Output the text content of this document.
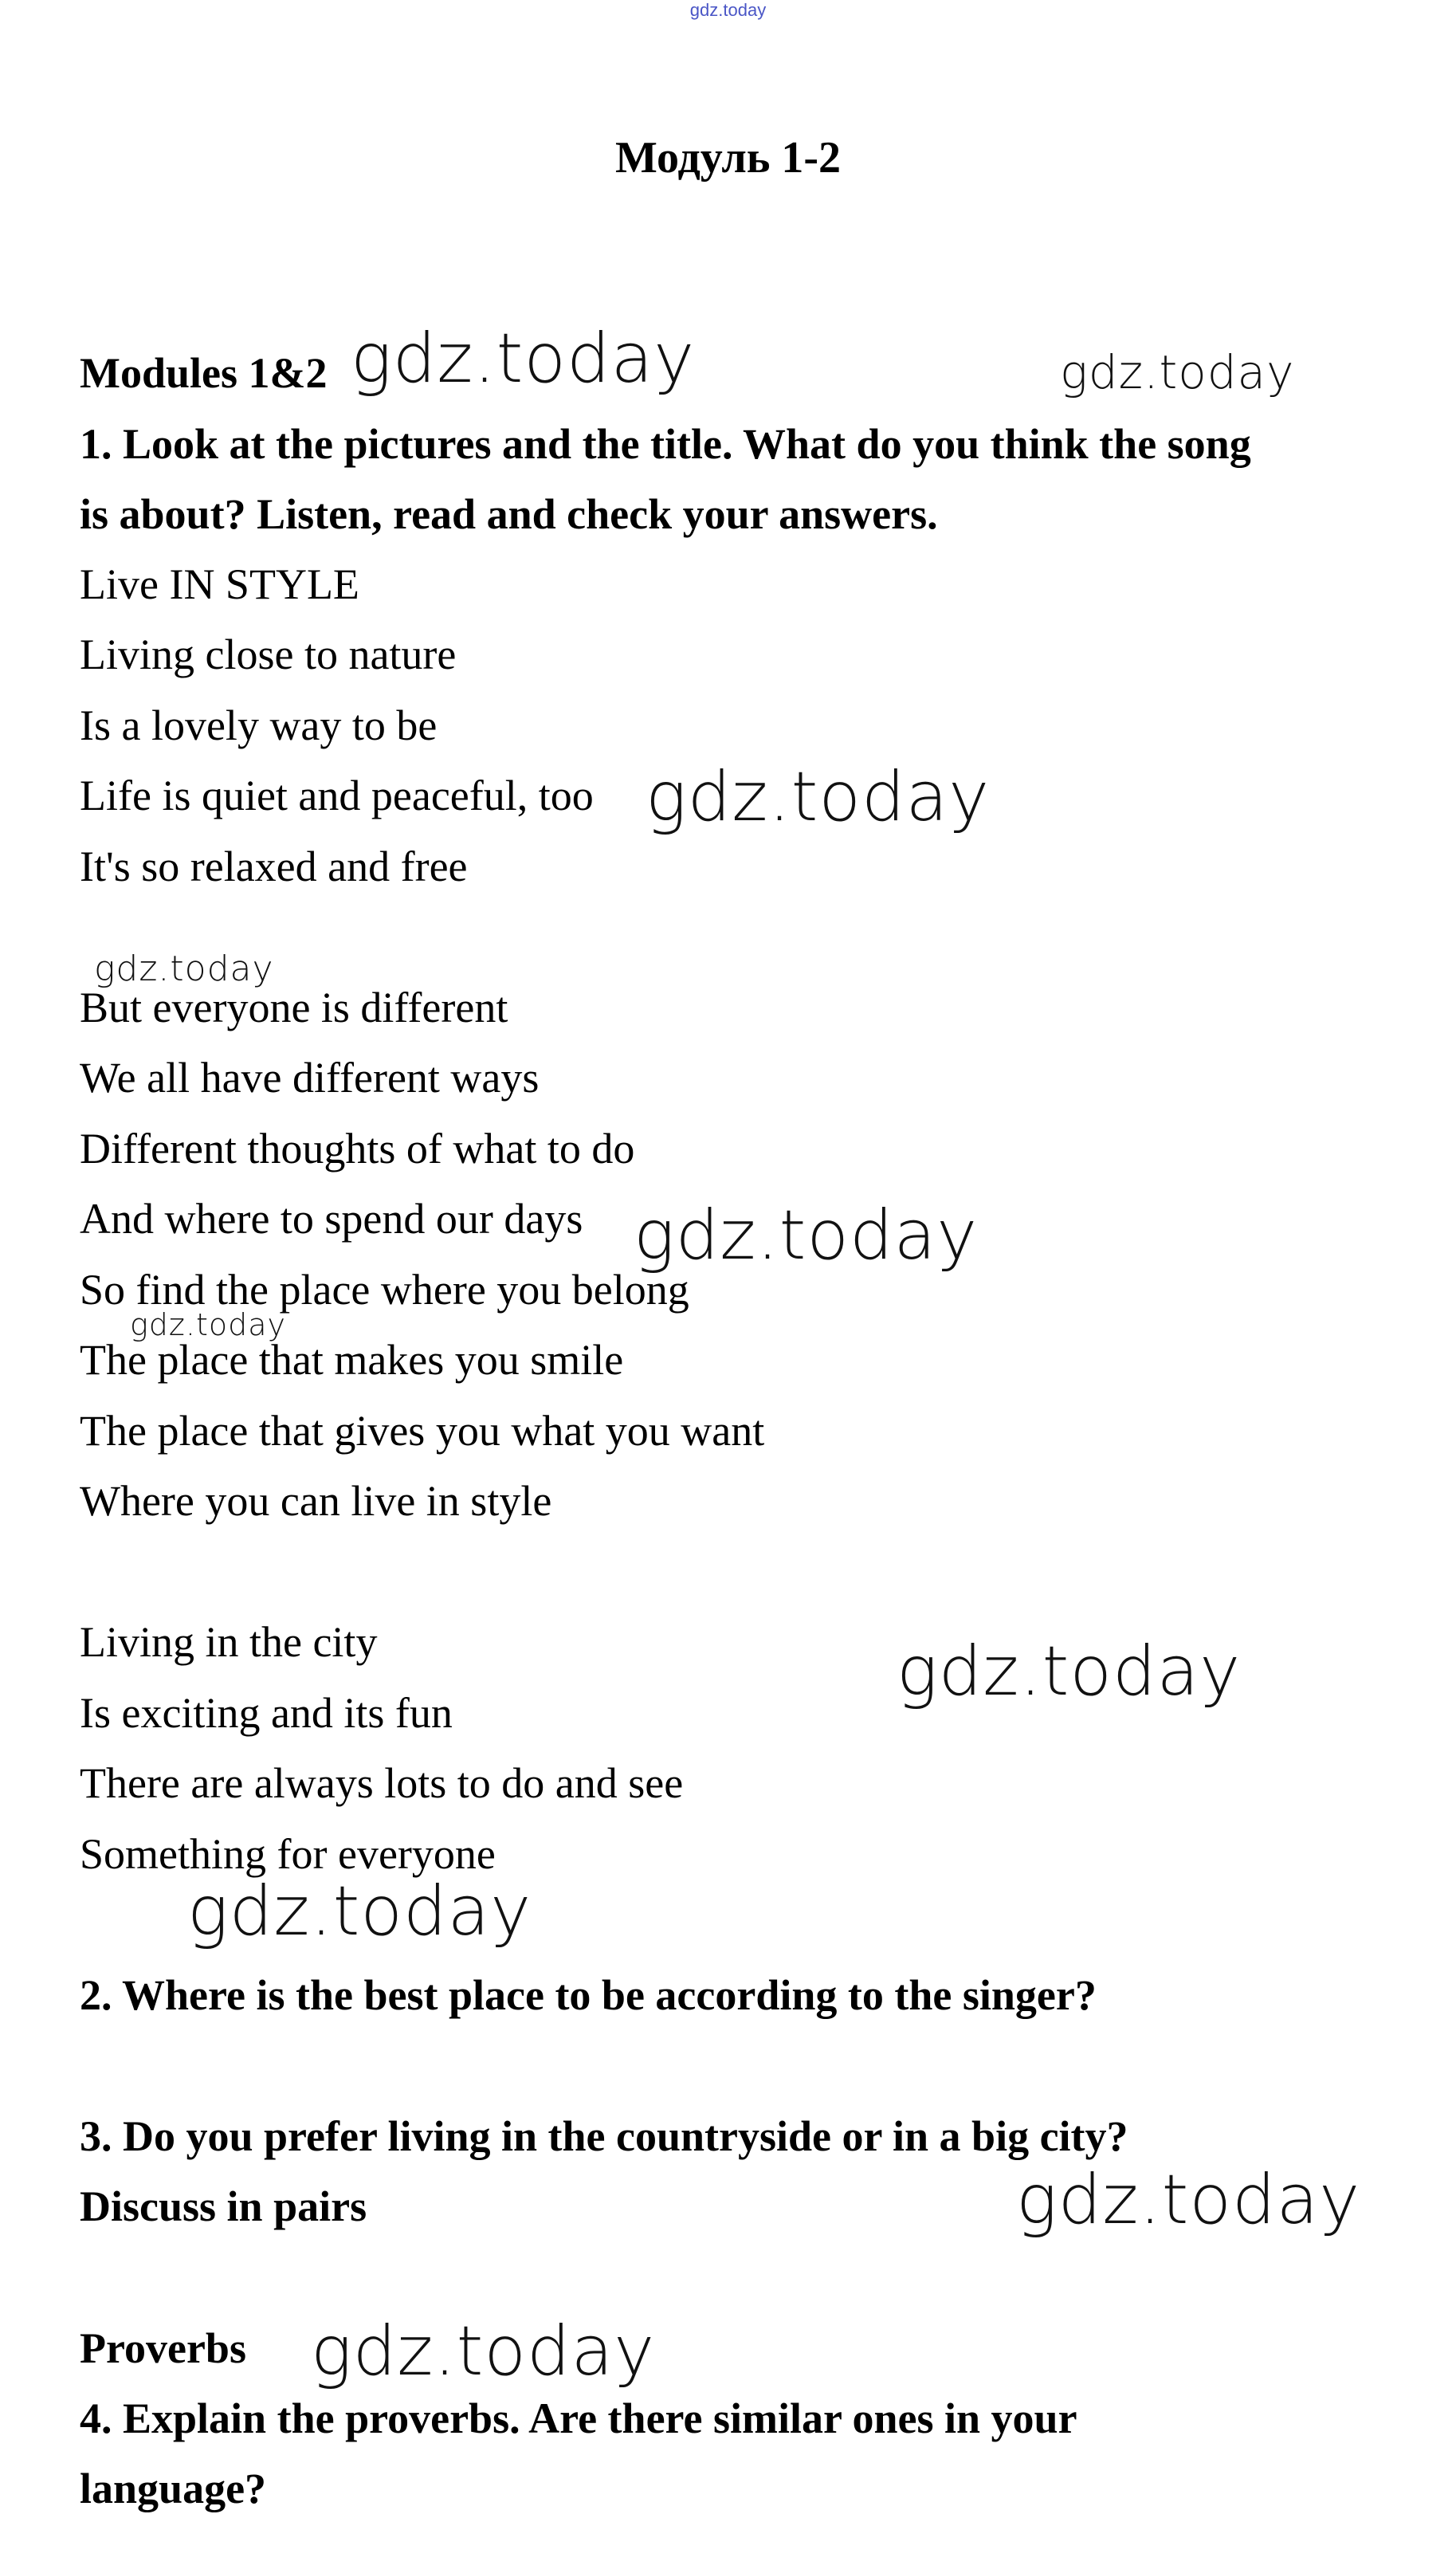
gdz.today
Модуль 1-2
Modules 1&2
1. Look at the pictures and the title. What do you think the song
is about? Listen, read and check your answers.
Live IN STYLE
Living close to nature
Is a lovely way to be
Life is quiet and peaceful, too
It's so relaxed and free
But everyone is different
We all have different ways
Different thoughts of what to do
And where to spend our days
So find the place where you belong
The place that makes you smile
The place that gives you what you want
Where you can live in style
Living in the city
Is exciting and its fun
There are always lots to do and see
Something for everyone
2. Where is the best place to be according to the singer?
3. Do you prefer living in the countryside or in a big city?
Discuss in pairs
Proverbs
4. Explain the proverbs. Are there similar ones in your
language?
gdz.today	gdz.today
gdz.today
gdz.today
gdz.today
gdz.today
gdz.today
gdz.today
gdz.today
gdz.today
